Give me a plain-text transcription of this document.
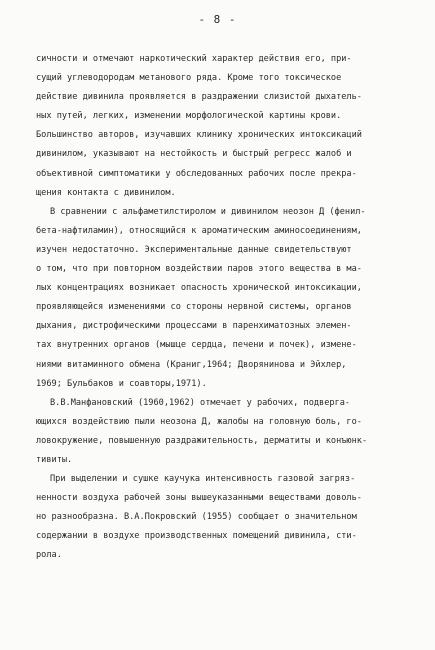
- 8 -
сичности и отмечают наркотический характер действия его, при-
сущий углеводородам метанового ряда. Кроме того токсическое
действие дивинила проявляется в раздражении слизистой дыхатель-
ных путей, легких, изменении морфологической картины крови.
Большинство авторов, изучавших клинику хронических интоксикаций
дивинилом, указывают на нестойкость и быстрый регресс жалоб и
объективной симптоматики у обследованных рабочих после прекра-
щения контакта с дивинилом.
В сравнении с альфаметилстиролом и дивинилом неозон Д (фенил-
бета-нафтиламин), относящийся к ароматическим аминосоединениям,
изучен недостаточно. Экспериментальные данные свидетельствуют
о том, что при повторном воздействии паров этого вещества в ма-
лых концентрациях возникает опасность хронической интоксикации,
проявляющейся изменениями со стороны нервной системы, органов
дыхания, дистрофическими процессами в паренхиматозных элемен-
тах внутренних органов (мышце сердца, печени и почек), измене-
ниями витаминного обмена (Краниг,1964; Дворянинова и Эйхлер,
1969; Бульбаков и соавторы,1971).
В.В.Манфановский (1960,1962) отмечает у рабочих, подверга-
ющихся воздействию пыли неозона Д, жалобы на головную боль, го-
ловокружение, повышенную раздражительность, дерматиты и конъюнк-
тивиты.
При выделении и сушке каучука интенсивность газовой загряз-
ненности воздуха рабочей зоны вышеуказанными веществами доволь-
но разнообразна. В.А.Покровский (1955) сообщает о значительном
содержании в воздухе производственных помещений дивинила, сти-
рола.
